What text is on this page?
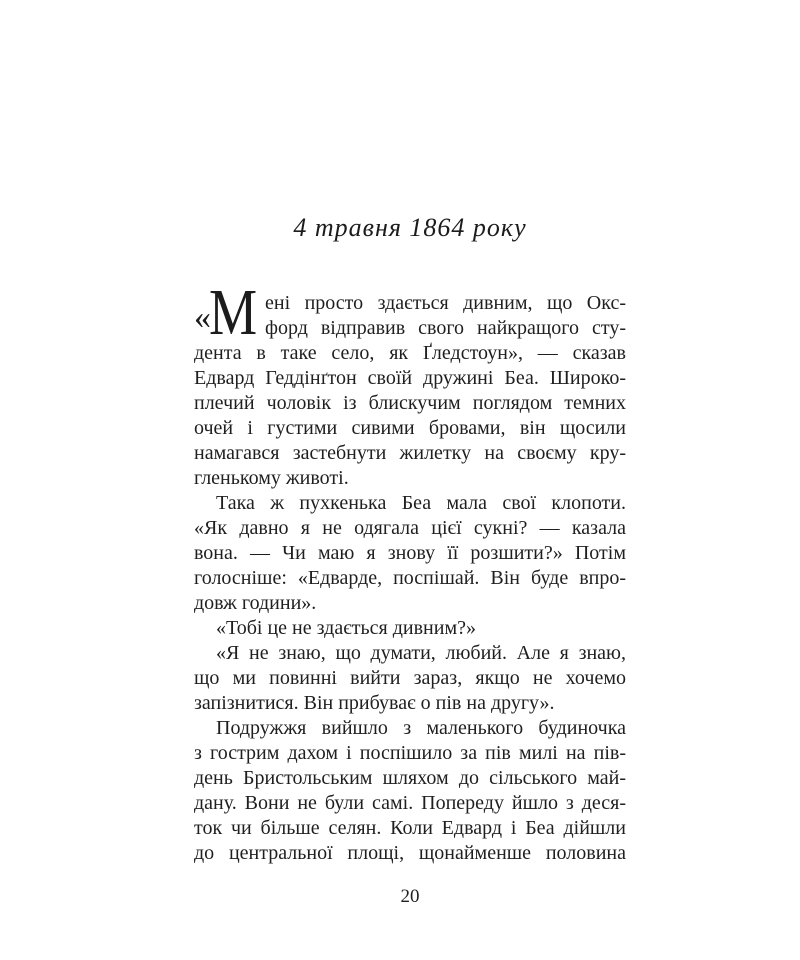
4 травня 1864 року
«
М ені просто здається дивним, що Окс-
форд відправив свого найкращого сту-
дента в таке село, як Ґледстоун», — сказав
Едвард Геддінґтон своїй дружині Беа. Широко-
плечий чоловік із блискучим поглядом темних
очей і густими сивими бровами, він щосили
намагався застебнути жилетку на своєму кру-
гленькому животі.
Така ж пухкенька Беа мала свої клопоти.
«Як давно я не одягала цієї сукні? — казала
вона. — Чи маю я знову її розшити?» Потім
голосніше: «Едварде, поспішай. Він буде впро-
довж години».
«Тобі це не здається дивним?»
«Я не знаю, що думати, любий. Але я знаю,
що ми повинні вийти зараз, якщо не хочемо
запізнитися. Він прибуває о пів на другу».
Подружжя вийшло з маленького будиночка
з гострим дахом і поспішило за пів милі на пів-
день Бристольським шляхом до сільського май-
дану. Вони не були самі. Попереду йшло з деся-
ток чи більше селян. Коли Едвард і Беа дійшли
до центральної площі, щонайменше половина
20
